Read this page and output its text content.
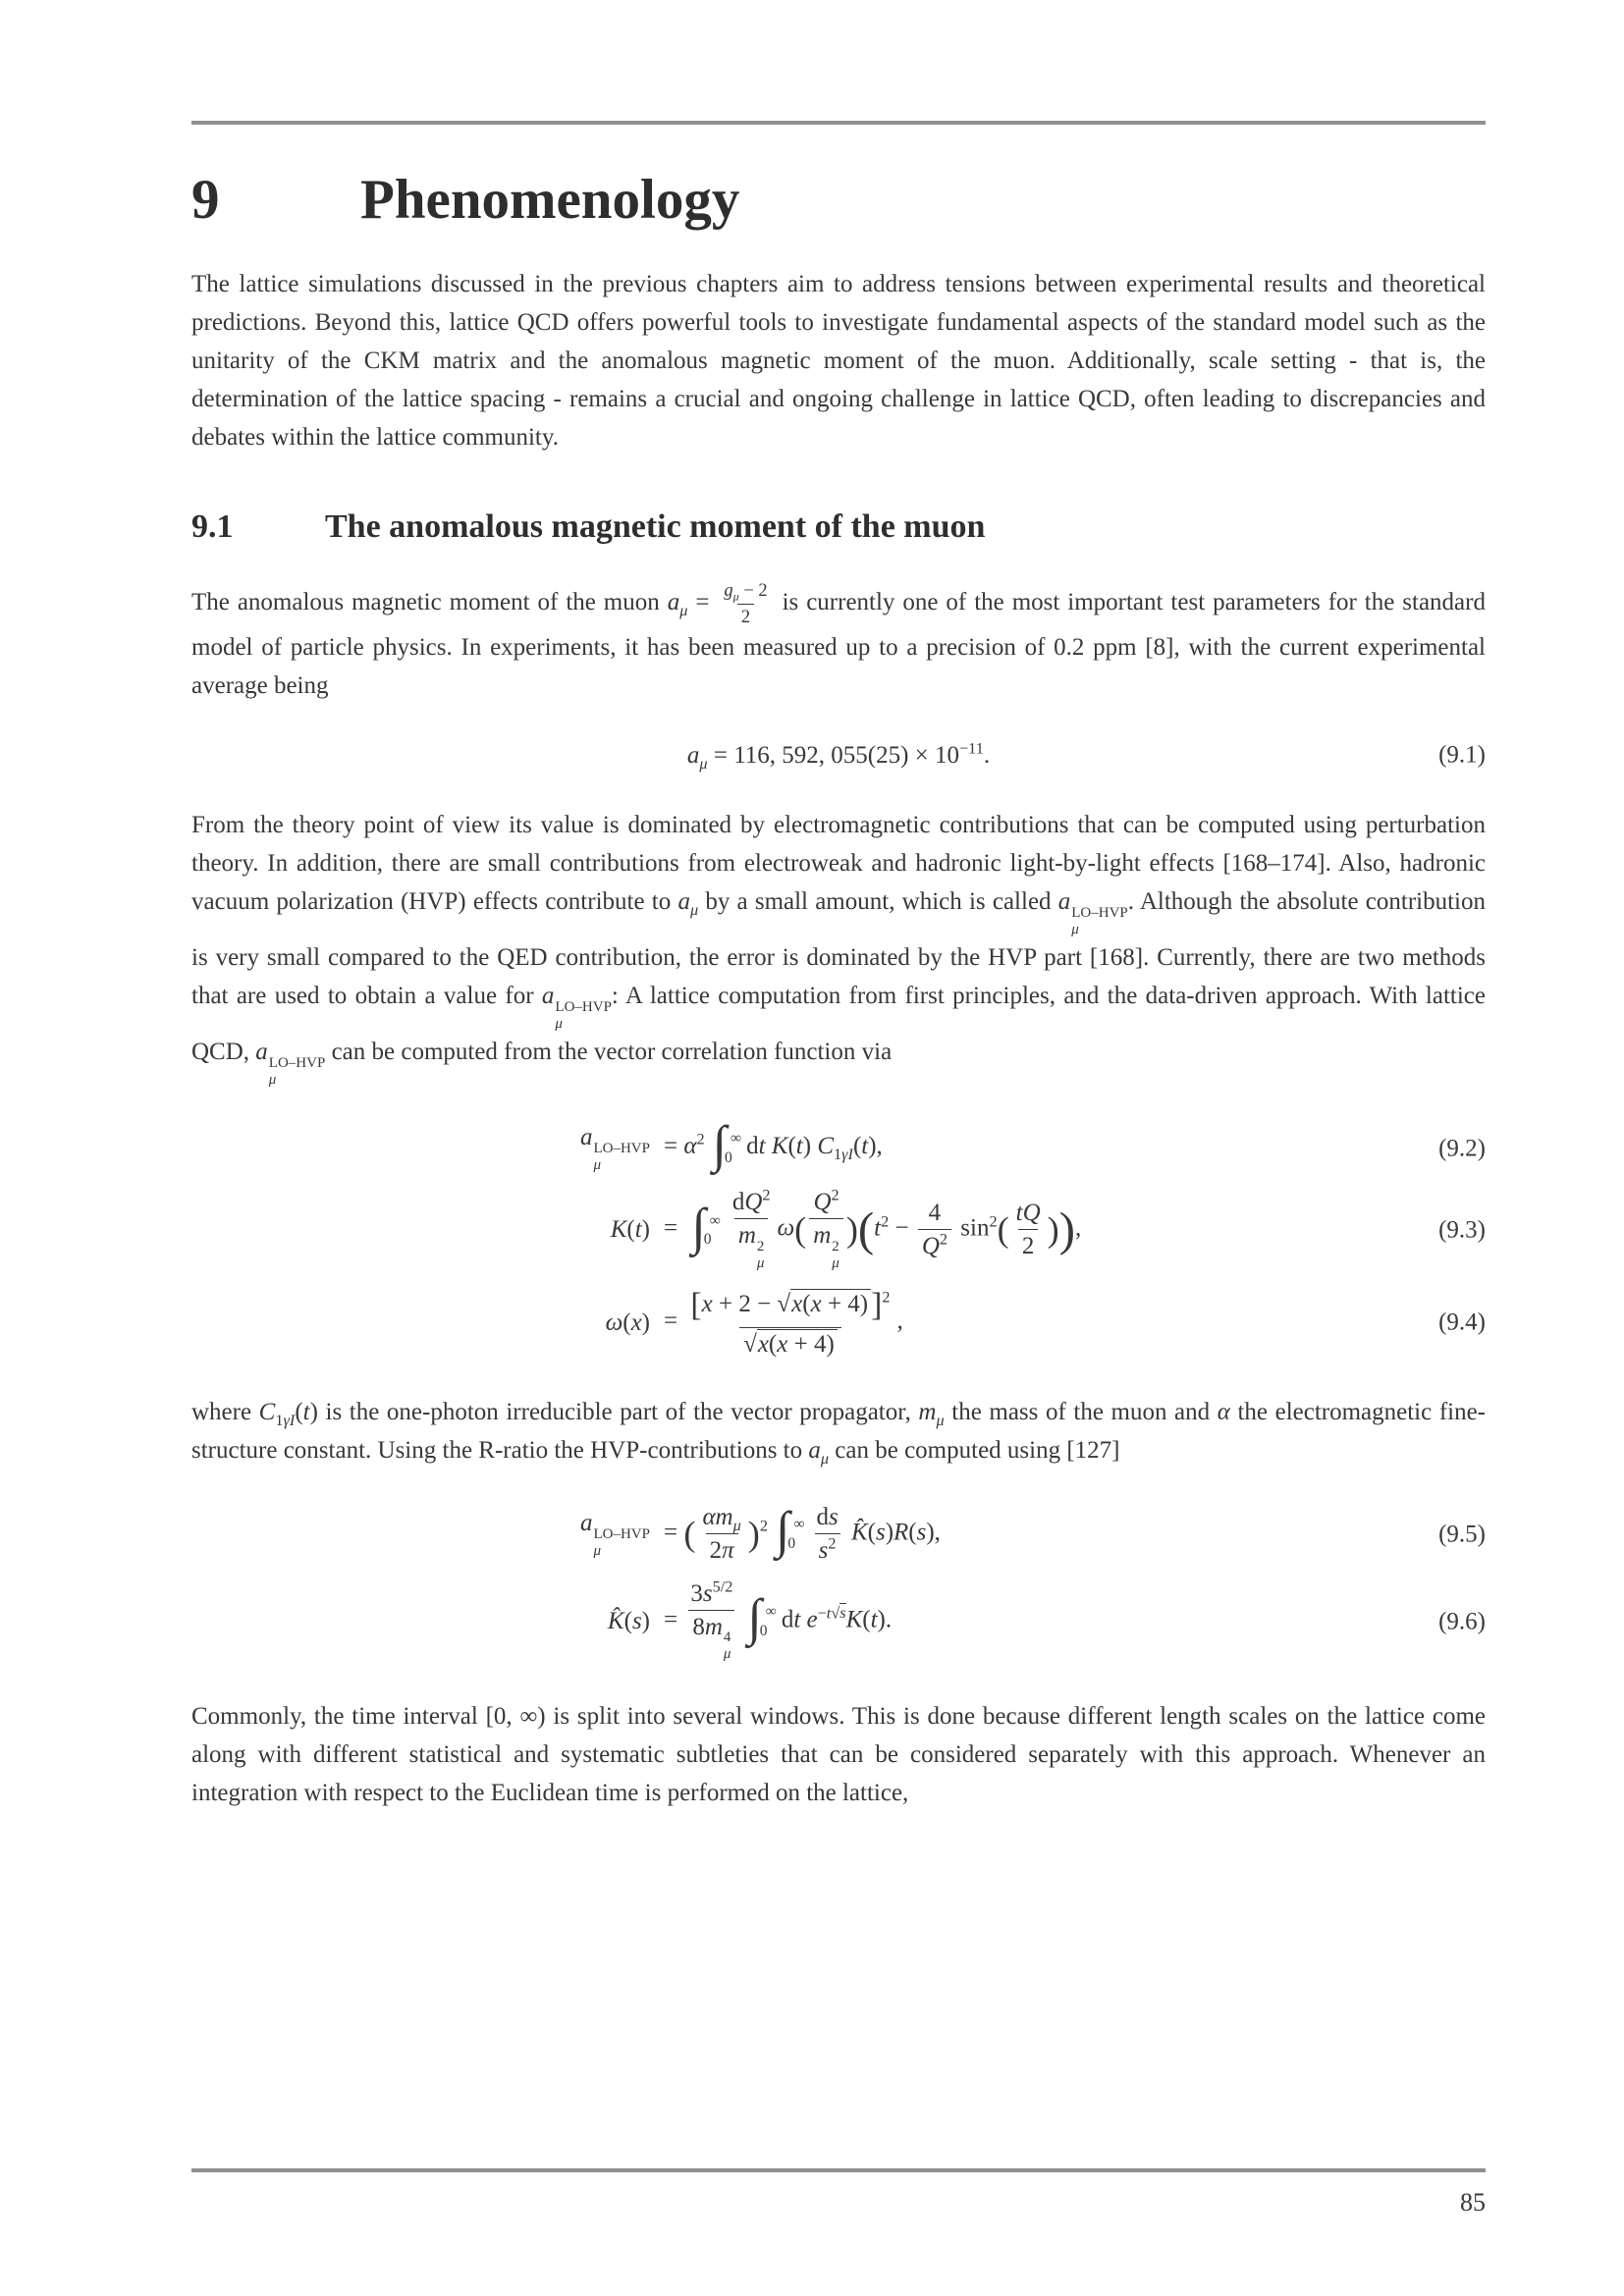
9	Phenomenology

The lattice simulations discussed in the previous chapters aim to address tensions between experimental results and theoretical predictions. Beyond this, lattice QCD offers powerful tools to investigate fundamental aspects of the standard model such as the unitarity of the CKM matrix and the anomalous magnetic moment of the muon. Additionally, scale setting - that is, the determination of the lattice spacing - remains a crucial and ongoing challenge in lattice QCD, often leading to discrepancies and debates within the lattice community.

9.1	The anomalous magnetic moment of the muon

The anomalous magnetic moment of the muon $a_\mu = \frac{g_\mu - 2}{2}$ is currently one of the most important test parameters for the standard model of particle physics. In experiments, it has been measured up to a precision of 0.2 ppm [8], with the current experimental average being

$a_\mu = 116$, 592, $055(25) \times 10^{-11}$.	(9.1)

From the theory point of view its value is dominated by electromagnetic contributions that can be computed using perturbation theory. In addition, there are small contributions from electroweak and hadronic light-by-light effects [168–174]. Also, hadronic vacuum polarization (HVP) effects contribute to $a_\mu$ by a small amount, which is called a LO–HVP
μ
. Although the absolute contribution is very small compared to the QED contribution, the error is dominated by the HVP part [168]. Currently, there are two methods that are used to obtain a value for a LO–HVP
μ
: A lattice computation from first principles, and the data-driven approach. With lattice QCD, a LO–HVP
μ
can be computed from the vector correlation function via

a LO–HVP
μ
= $\alpha^2$ ∫ ∞
0 dt K(t) $C_{1\gamma I}(t)$,	(9.2)
K(t) = ∫ ∞
0 $dQ^2$
m 2
μ ω( $Q^2$
m 2
μ )($t^2 - \frac{4}{Q^2} \sin^2( \frac{tQ}{2}$ )),	(9.3)
$\omega(x) = \frac{[x + 2 - √x(x + 4)]^2}{√x(x + 4)}$ ,	(9.4)

where $C_{1\gamma I}(t)$ is the one-photon irreducible part of the vector propagator, $m_\mu$ the mass of the muon and α the electromagnetic fine-structure constant. Using the R-ratio the HVP-contributions to $a_\mu$ can be computed using [127]

a LO–HVP
μ
= ( $\frac{\alpha m_\mu}{2\pi} )^2$ ∫ ∞
$0 \frac{ds}{s^2}$ K̂(s)R(s),	(9.5)
K̂(s) = $3s^{5/2}$
8m 4
μ ∫ ∞
0 dt $e^{-t√s}K(t)$.	(9.6)

Commonly, the time interval [0, ∞) is split into several windows. This is done because different length scales on the lattice come along with different statistical and systematic subtleties that can be considered separately with this approach. Whenever an integration with respect to the Euclidean time is performed on the lattice,

85
